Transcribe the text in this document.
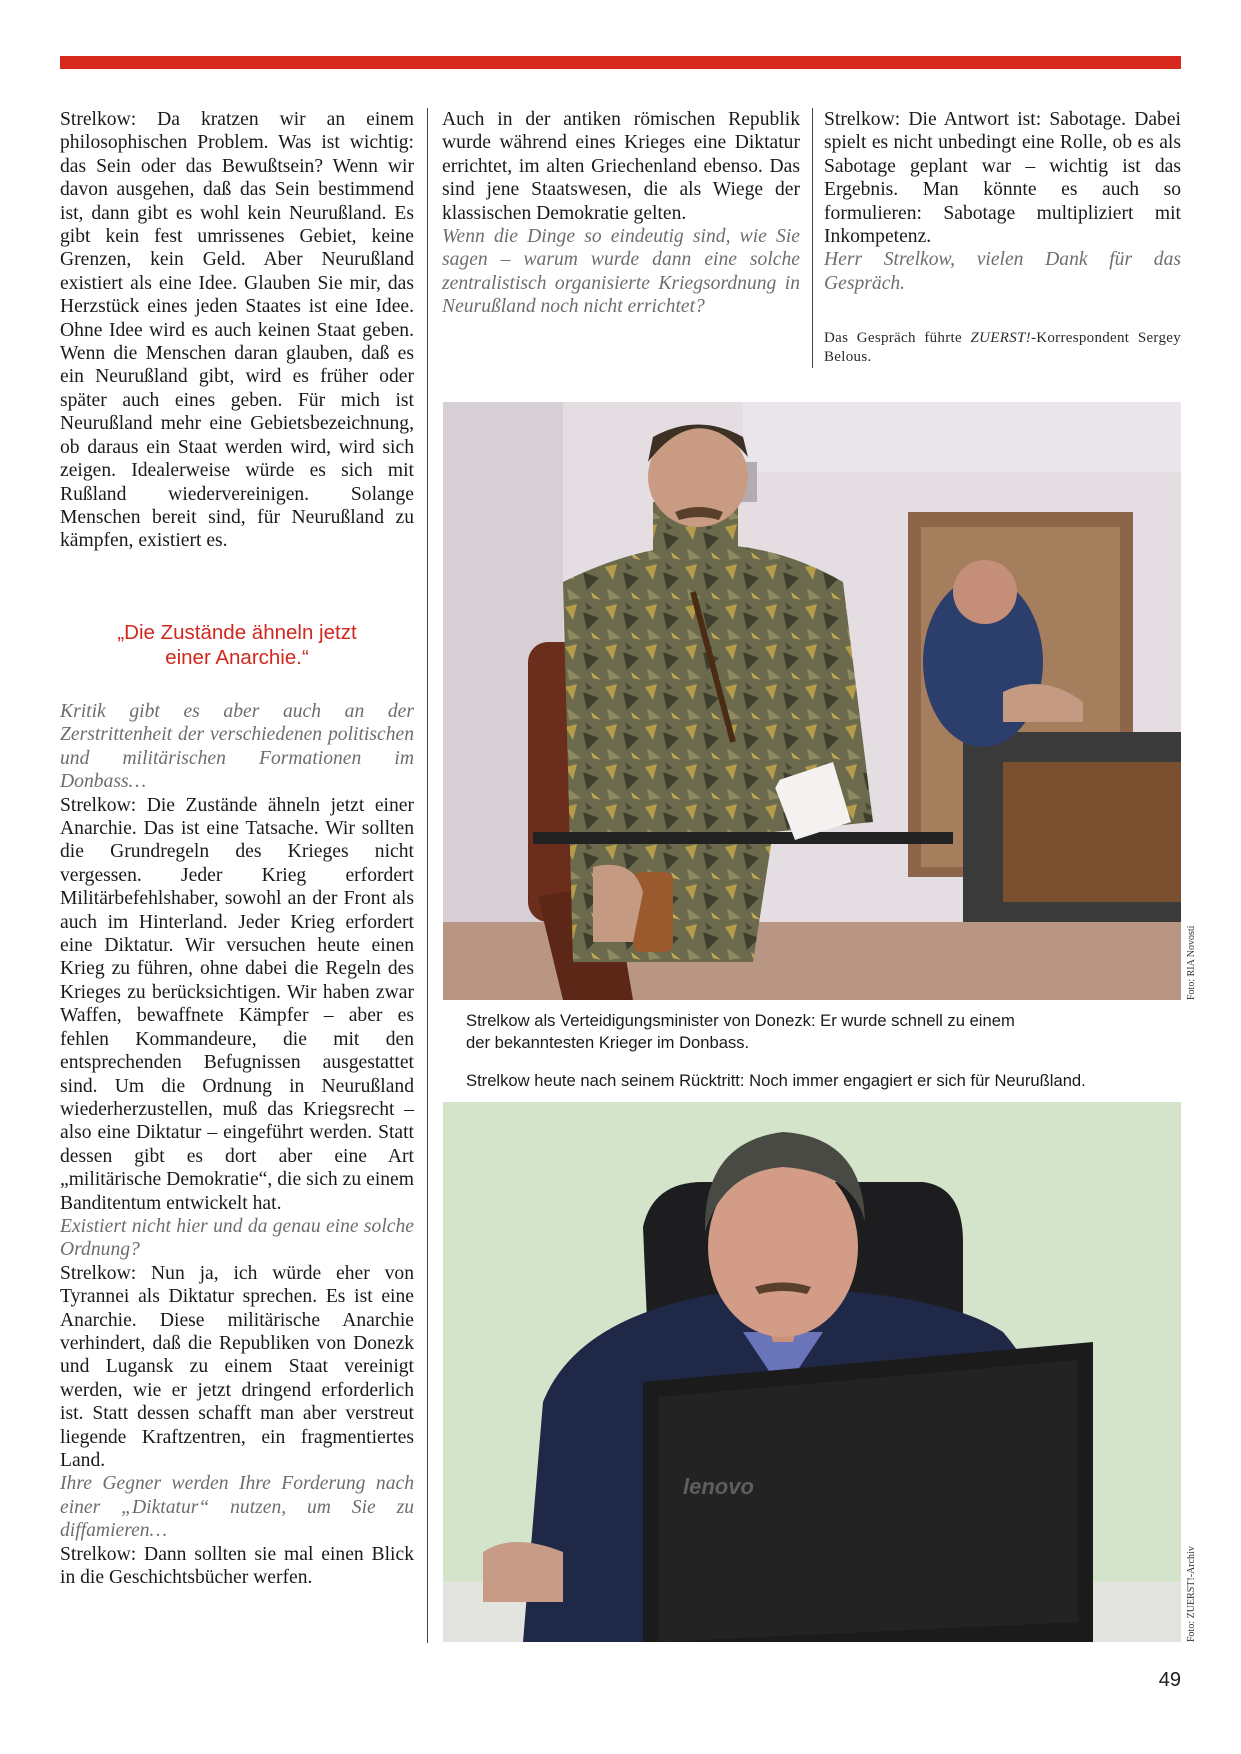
Strelkow: Da kratzen wir an einem philosophischen Problem. Was ist wichtig: das Sein oder das Bewußtsein? Wenn wir davon ausgehen, daß das Sein bestimmend ist, dann gibt es wohl kein Neurußland. Es gibt kein fest umrissenes Gebiet, keine Grenzen, kein Geld. Aber Neurußland existiert als eine Idee. Glauben Sie mir, das Herzstück eines jeden Staates ist eine Idee. Ohne Idee wird es auch keinen Staat geben. Wenn die Menschen daran glauben, daß es ein Neurußland gibt, wird es früher oder später auch eines geben. Für mich ist Neurußland mehr eine Gebietsbezeichnung, ob daraus ein Staat werden wird, wird sich zeigen. Idealerweise würde es sich mit Rußland wiedervereinigen. Solange Menschen bereit sind, für Neurußland zu kämpfen, existiert es.

„Die Zustände ähneln jetzt
einer Anarchie.“

Kritik gibt es aber auch an der Zerstrittenheit der verschiedenen politischen und militärischen Formationen im Donbass…

Strelkow: Die Zustände ähneln jetzt einer Anarchie. Das ist eine Tatsache. Wir sollten die Grundregeln des Krieges nicht vergessen. Jeder Krieg erfordert Militärbefehlshaber, sowohl an der Front als auch im Hinterland. Jeder Krieg erfordert eine Diktatur. Wir versuchen heute einen Krieg zu führen, ohne dabei die Regeln des Krieges zu berücksichtigen. Wir haben zwar Waffen, bewaffnete Kämpfer – aber es fehlen Kommandeure, die mit den entsprechenden Befugnissen ausgestattet sind. Um die Ordnung in Neurußland wiederherzustellen, muß das Kriegsrecht – also eine Diktatur – eingeführt werden. Statt dessen gibt es dort aber eine Art „militärische Demokratie“, die sich zu einem Banditentum entwickelt hat.

Existiert nicht hier und da genau eine solche Ordnung?

Strelkow: Nun ja, ich würde eher von Tyrannei als Diktatur sprechen. Es ist eine Anarchie. Diese militärische Anarchie verhindert, daß die Republiken von Donezk und Lugansk zu einem Staat vereinigt werden, wie er jetzt dringend erforderlich ist. Statt dessen schafft man aber verstreut liegende Kraftzentren, ein fragmentiertes Land.

Ihre Gegner werden Ihre Forderung nach einer „Diktatur“ nutzen, um Sie zu diffamieren…

Strelkow: Dann sollten sie mal einen Blick in die Geschichtsbücher werfen.

Auch in der antiken römischen Republik wurde während eines Krieges eine Diktatur errichtet, im alten Griechenland ebenso. Das sind jene Staatswesen, die als Wiege der klassischen Demokratie gelten.

Wenn die Dinge so eindeutig sind, wie Sie sagen – warum wurde dann eine solche zentralistisch organisierte Kriegsordnung in Neurußland noch nicht errichtet?

Strelkow: Die Antwort ist: Sabotage. Dabei spielt es nicht unbedingt eine Rolle, ob es als Sabotage geplant war – wichtig ist das Ergebnis. Man könnte es auch so formulieren: Sabotage multipliziert mit Inkompetenz.

Herr Strelkow, vielen Dank für das Gespräch.

Das Gespräch führte ZUERST!-Korrespondent Sergey Belous.
Foto: RIA Novosti
Strelkow als Verteidigungsminister von Donezk: Er wurde schnell zu einem
der bekanntesten Krieger im Donbass.
Strelkow heute nach seinem Rücktritt: Noch immer engagiert er sich für Neurußland.
lenovo
Foto: ZUERST!-Archiv
49
